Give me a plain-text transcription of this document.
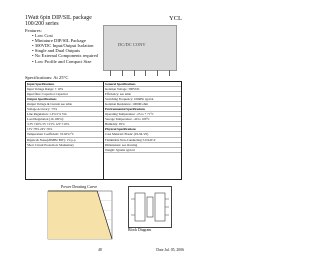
1Watt 6pin DIP/SIL package
100/200 series
YCL
Features:
• Low Cost
• Miniature DIP/SIL Package
• 300VDC Input/Output Isolation
• Single and Dual Outputs
• No External Components required
• Low Profile and Compact Size
DC/DC CONV
Specifications: At 25°C
Input Specifications
Input Voltage Range: ± 10%
Input filter: Capacitor Capacitor
Output Specifications
Output Voltage & Current see table
Voltage Accuracy: ±5%
Line Regulation: 1.2%/1% Vin
Load Regulation (10-100%):
3.3V ±20% 5V ±15% 12V ±10%
15V ±8% 24V ±6%
Temperature Coefficient: ±0.02%/°C
Ripple & Noise(20MHz BW): 1% p-p
Short Circuit Protection: Momentary
General Specifications
Isolation Voltage: 300VDC
Efficiency: see table
Switching Frequency: 100kHz typical
Isolation Resistance: 1000M ohm
Environmental Specifications
Operating Temperature: -25 to + 71°C
Storage Temperature: -40 to 100°C
Humidity: 95%
Physical Specifications
Case Material: Plastic (UL94-V0)
Flammable Non-Conducting: UL94V-0
Dimensions: see drawing
Weight: 3grams typical
Power Derating Curve
Block Diagram
48	Date Jul. 05, 2006
